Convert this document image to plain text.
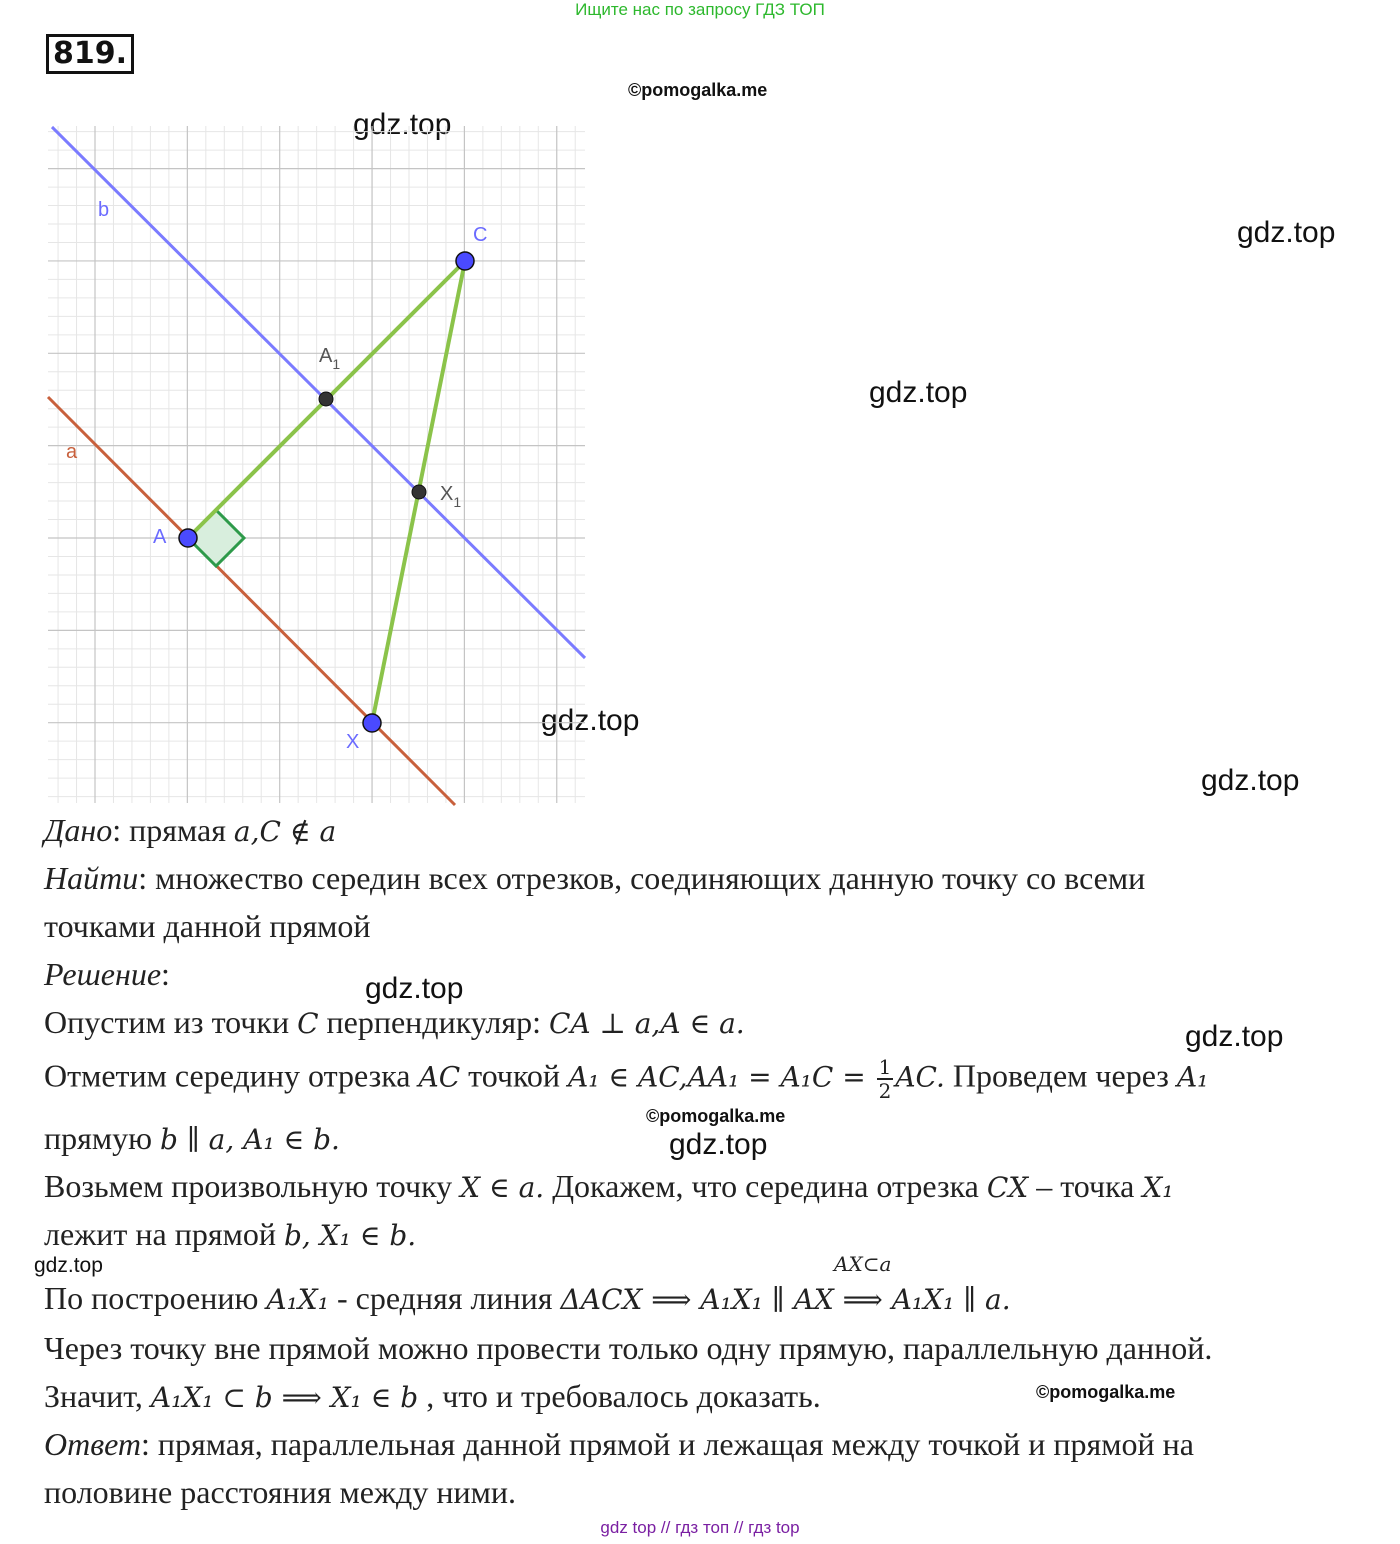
Ищите нас по запросу ГДЗ ТОП
819.
©pomogalka.me
gdz.top
gdz.top
gdz.top
gdz.top
gdz.top
b
a
C
A
X
$A_1$
$X_1$
Дано: прямая a,C ∉ a
Найти: множество середин всех отрезков, соединяющих данную точку со всеми
точками данной прямой
Решение:	gdz.top
Опустим из точки C перпендикуляр: CA ⊥ a,A ∈ a.	gdz.top
Отметим середину отрезка AC точкой A₁ ∈ $AC,AA_1 = A_1C = \frac{1}{2}$ AC. Проведем через A₁
©pomogalka.me
прямую b ∥ a, A₁ ∈ b.	gdz.top
Возьмем произвольную точку X ∈ a. Докажем, что середина отрезка CX – точка X₁
лежит на прямой b, X₁ ∈ b.
gdz.top
По построению A₁X₁ - средняя линия ΔACX ⟹ A₁X₁ ∥ AX
AX⊂a
⟹ A₁X₁ ∥ a.
Через точку вне прямой можно провести только одну прямую, параллельную данной.
Значит, A₁X₁ ⊂ b ⟹ X₁ ∈ b , что и требовалось доказать.	©pomogalka.me
Ответ: прямая, параллельная данной прямой и лежащая между точкой и прямой на
половине расстояния между ними.
gdz top // гдз топ // гдз top
